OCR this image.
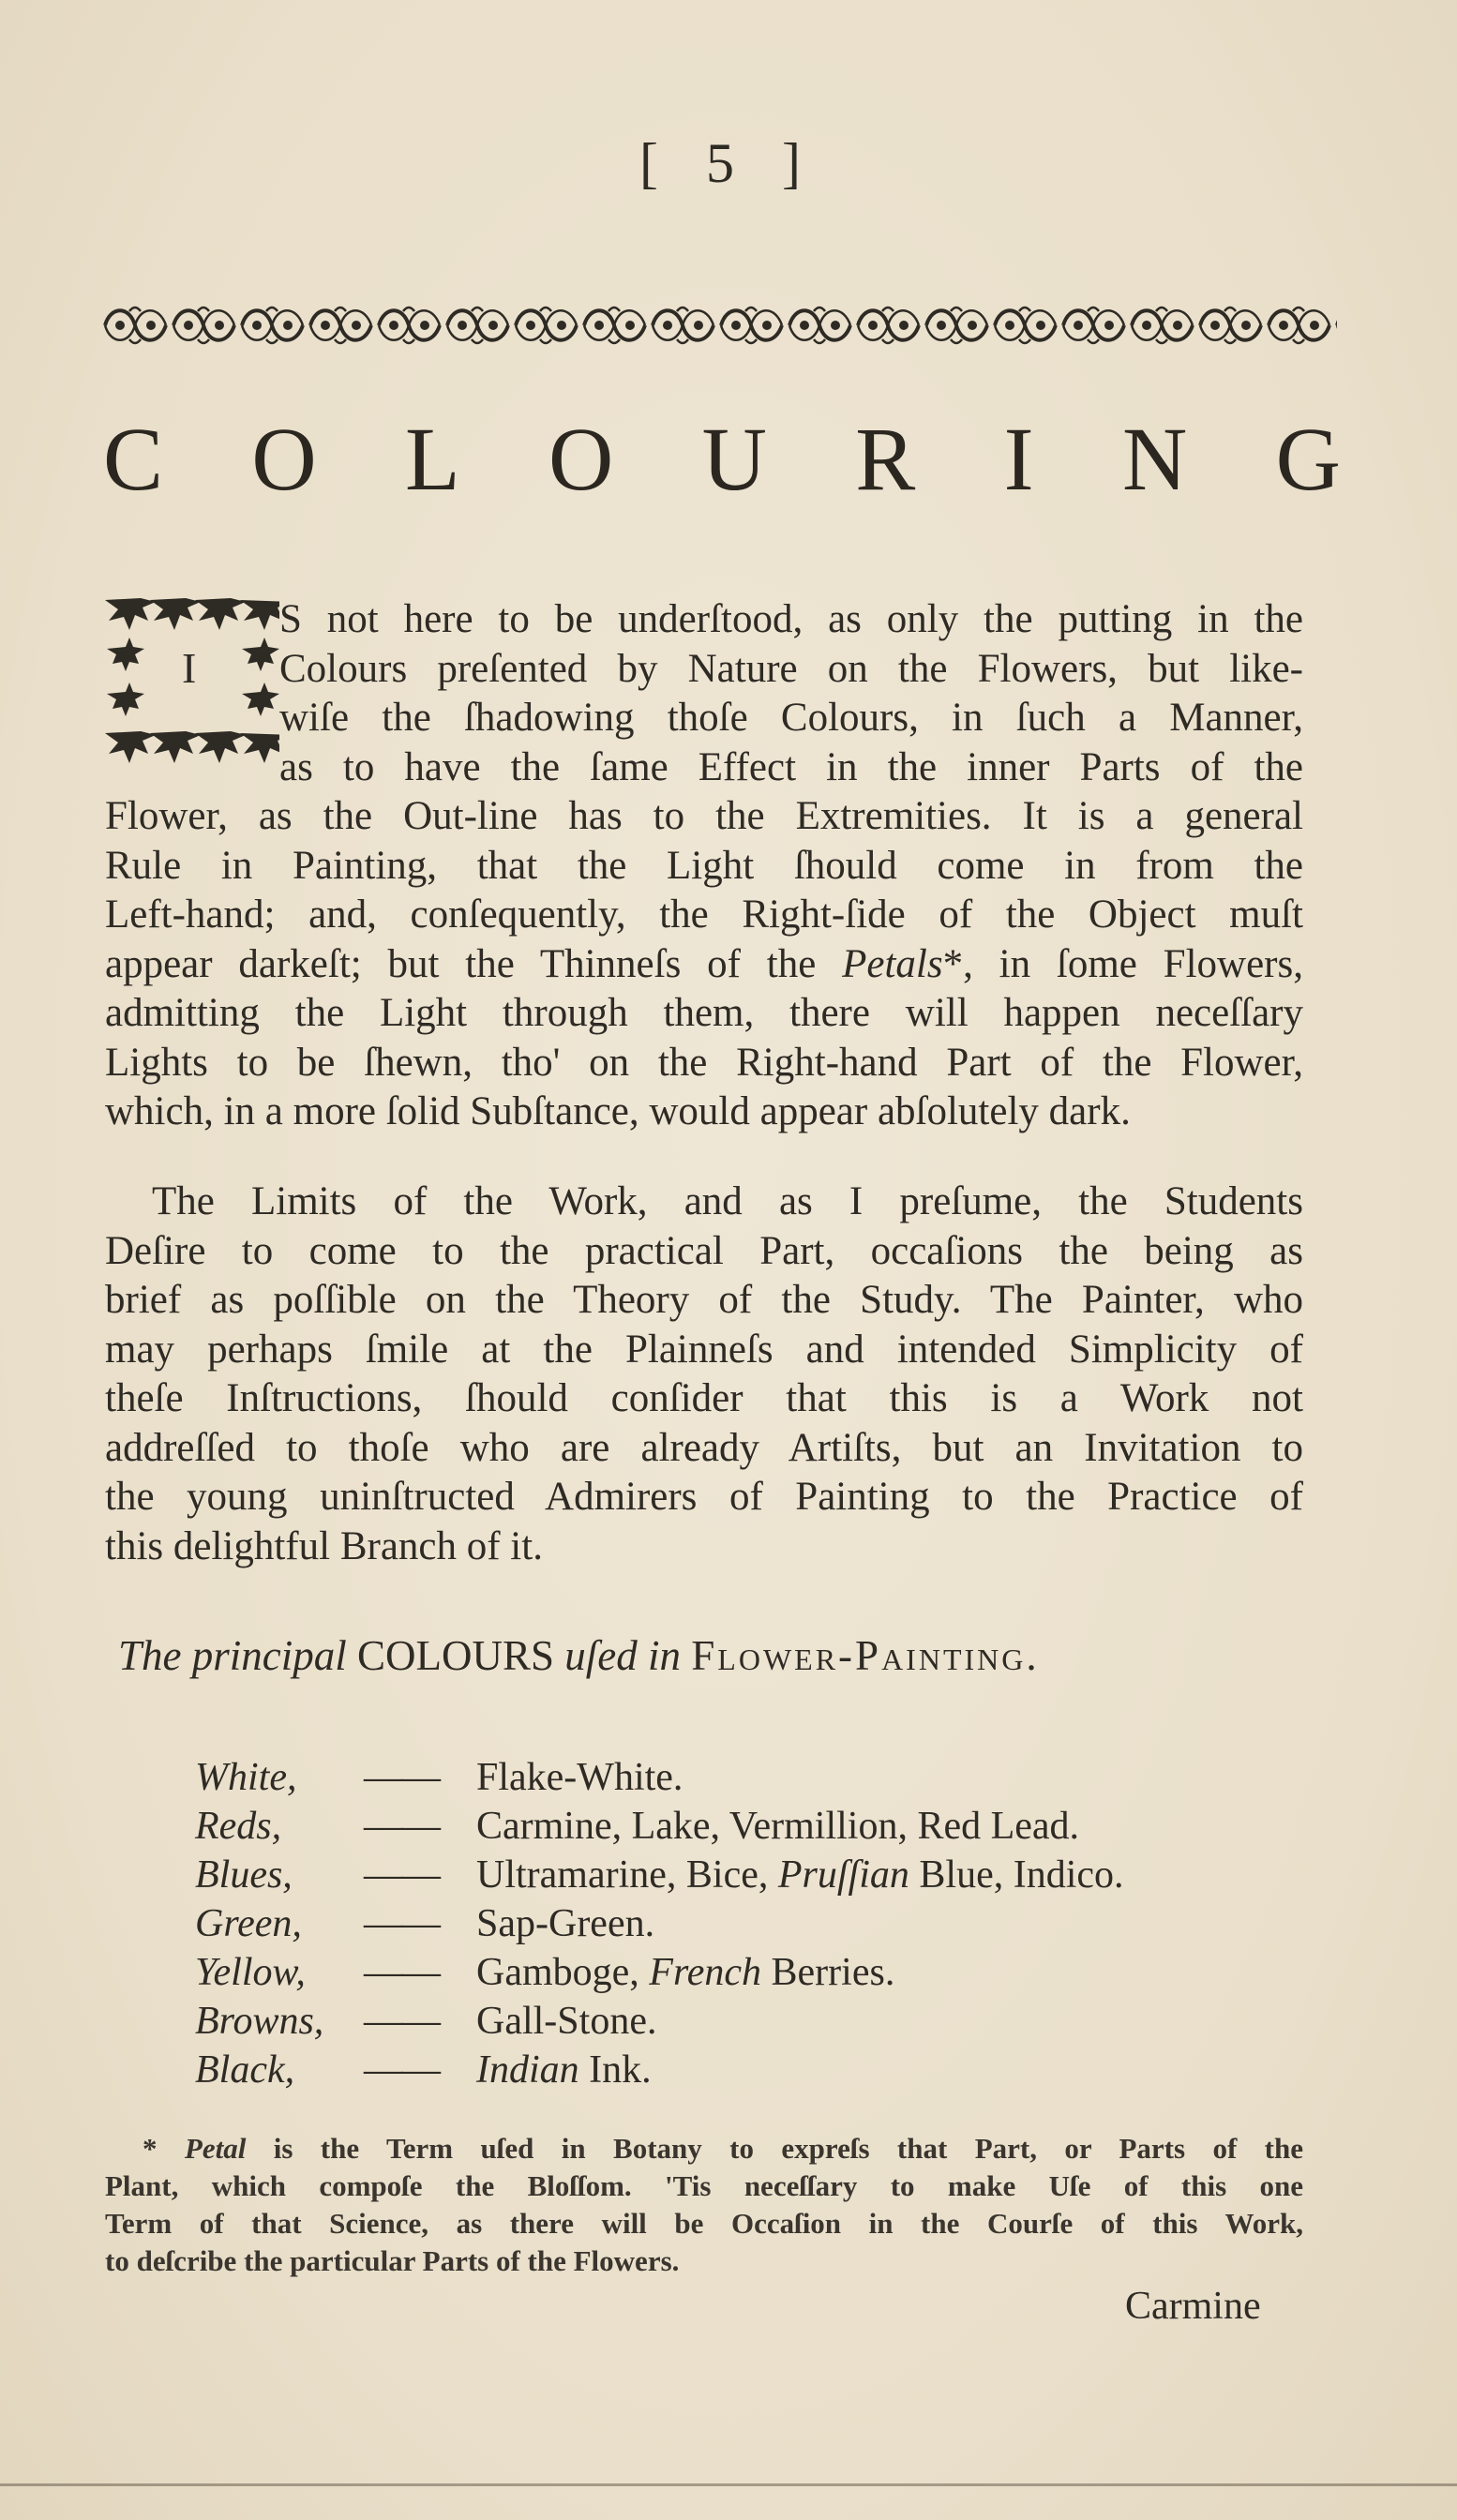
[ 5 ]
C O L O U R I N G
I
S not here to be underſtood, as only the putting in the
Colours preſented by Nature on the Flowers, but like-
wiſe the ſhadowing thoſe Colours, in ſuch a Manner,
as to have the ſame Effect in the inner Parts of the
Flower, as the Out-line has to the Extremities. It is a general
Rule in Painting, that the Light ſhould come in from the
Left-hand; and, conſequently, the Right-ſide of the Object muſt
appear darkeſt; but the Thinneſs of the Petals*, in ſome Flowers,
admitting the Light through them, there will happen neceſſary
Lights to be ſhewn, tho' on the Right-hand Part of the Flower,
which, in a more ſolid Subſtance, would appear abſolutely dark.
The Limits of the Work, and as I preſume, the Students
Deſire to come to the practical Part, occaſions the being as
brief as poſſible on the Theory of the Study. The Painter, who
may perhaps ſmile at the Plainneſs and intended Simplicity of
theſe Inſtructions, ſhould conſider that this is a Work not
addreſſed to thoſe who are already Artiſts, but an Invitation to
the young uninſtructed Admirers of Painting to the Practice of
this delightful Branch of it.
The principal COLOURS uſed in Flower-Painting.
White,	—— Flake-White.
Reds,	—— Carmine, Lake, Vermillion, Red Lead.
Blues,	—— Ultramarine, Bice, Pruſſian Blue, Indico.
Green,	—— Sap-Green.
Yellow,	—— Gamboge, French Berries.
Browns,	—— Gall-Stone.
Black,	—— Indian Ink.
* Petal is the Term uſed in Botany to expreſs that Part, or Parts of the
Plant, which compoſe the Bloſſom. 'Tis neceſſary to make Uſe of this one
Term of that Science, as there will be Occaſion in the Courſe of this Work,
to deſcribe the particular Parts of the Flowers.
Carmine
